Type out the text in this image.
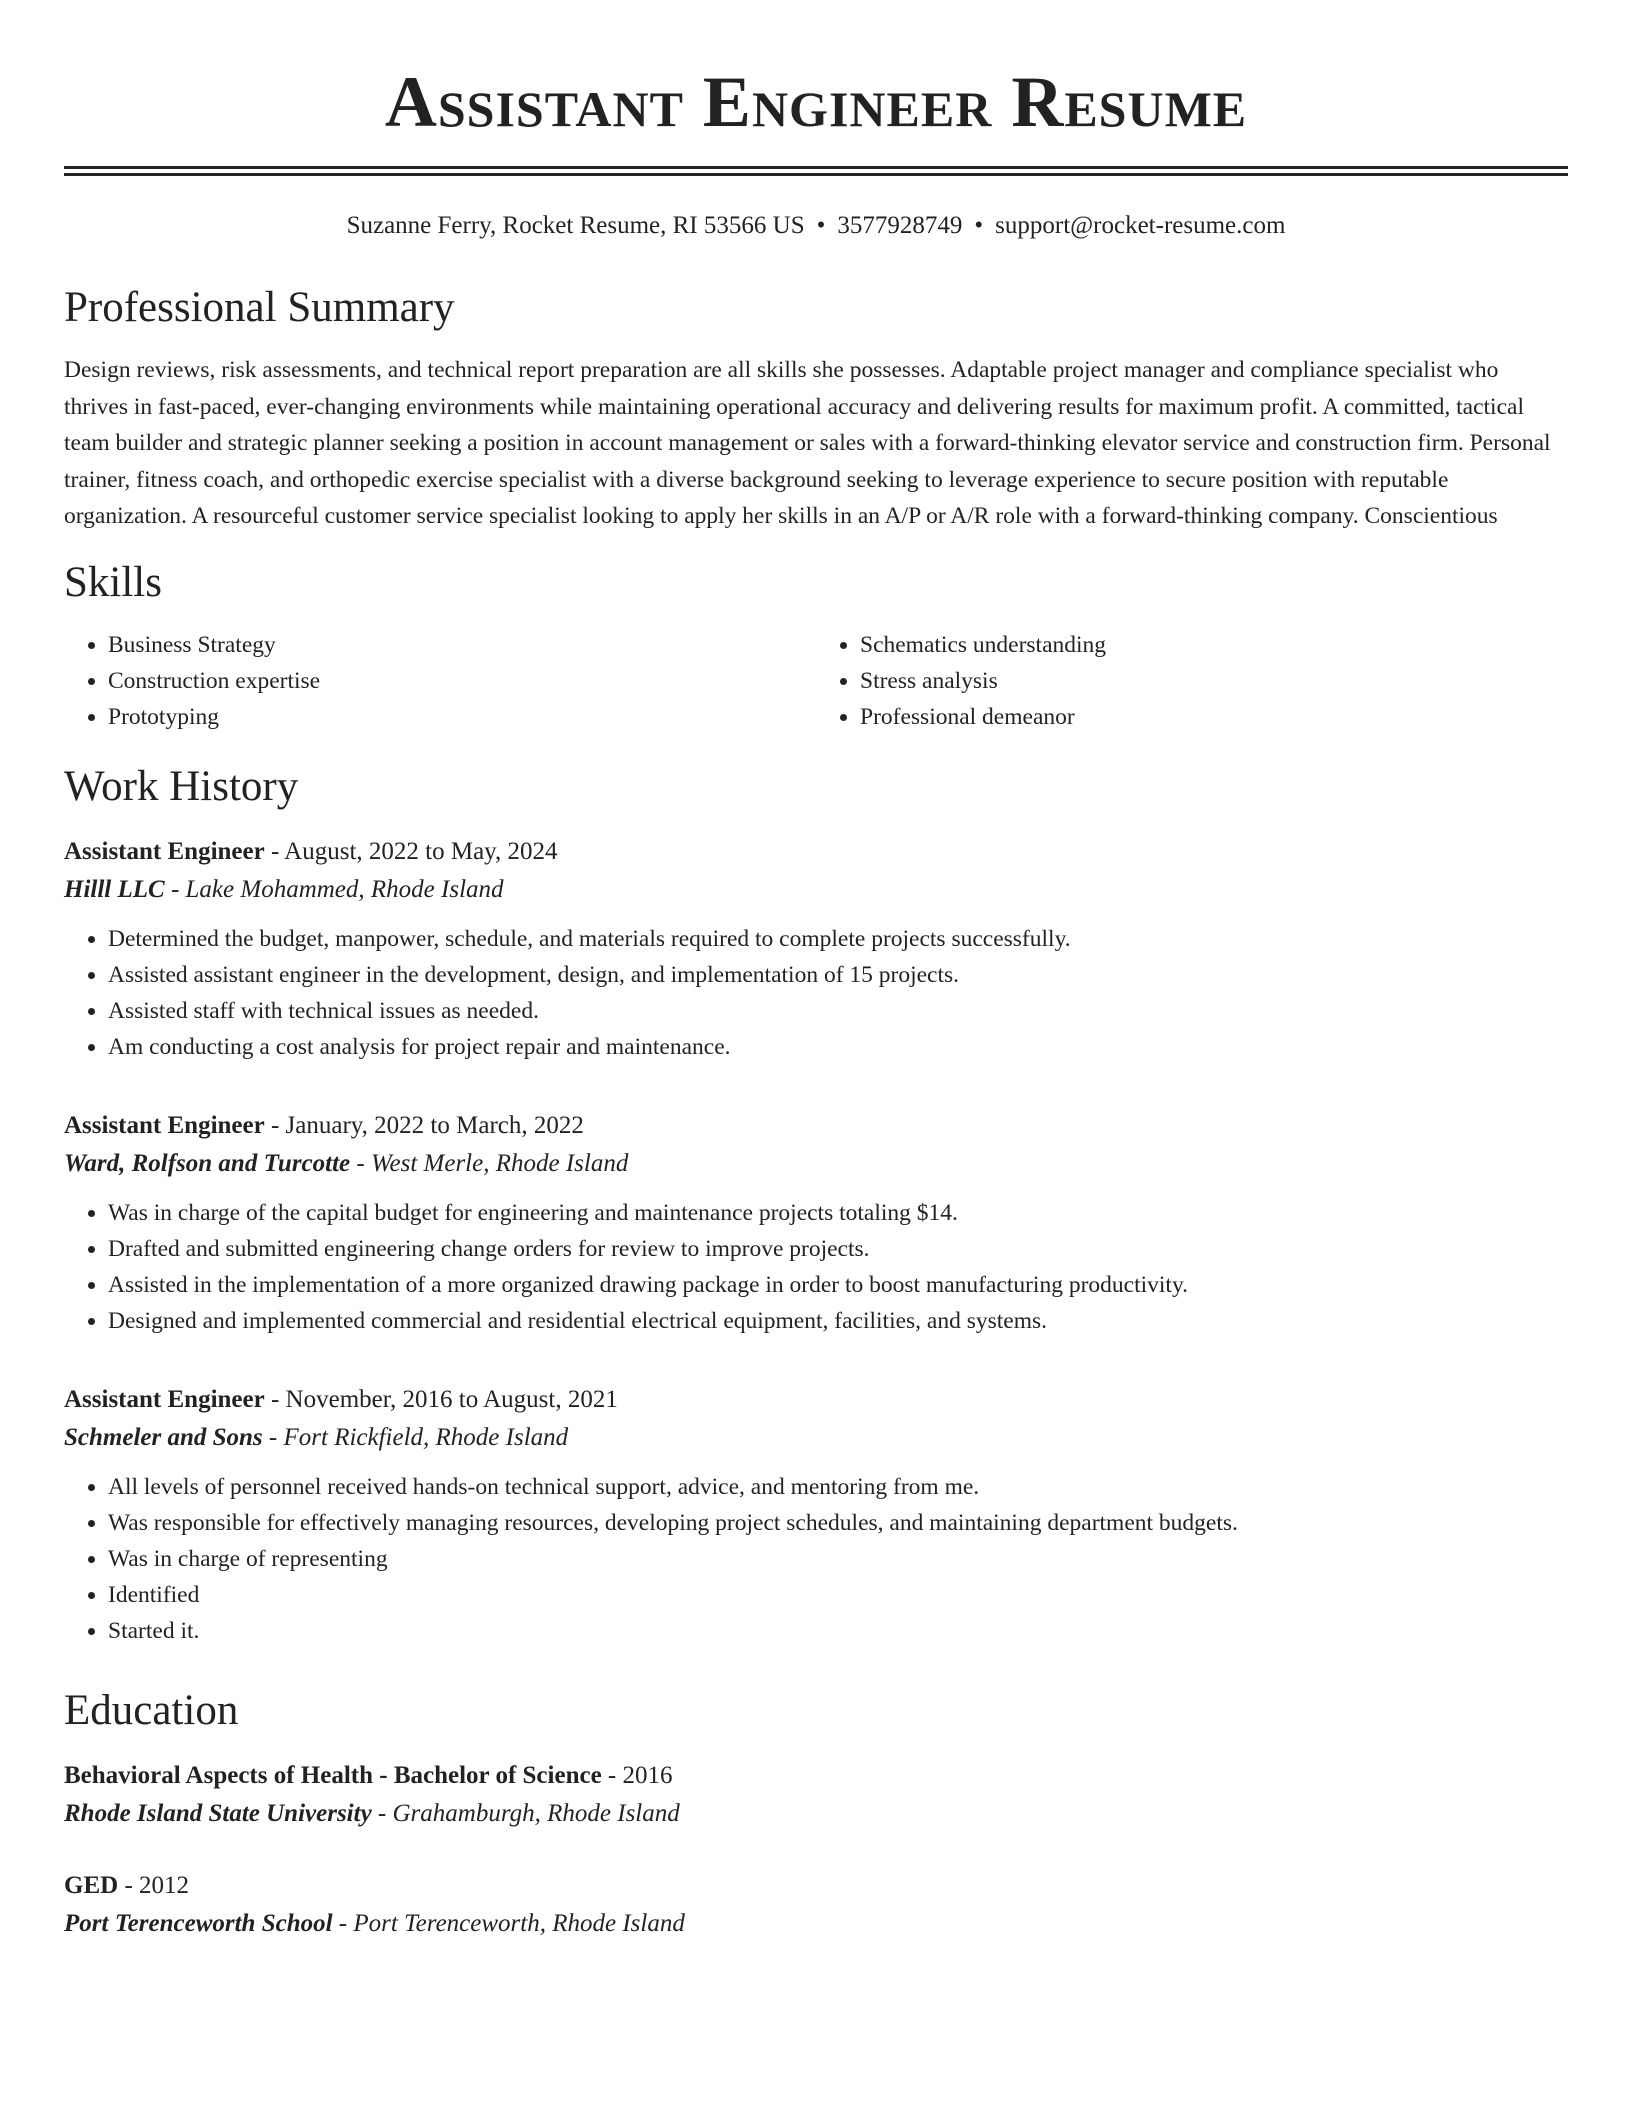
Assistant Engineer Resume
Suzanne Ferry, Rocket Resume, RI 53566 US • 3577928749 • support@rocket-resume.com
Professional Summary
Design reviews, risk assessments, and technical report preparation are all skills she possesses. Adaptable project manager and compliance specialist who thrives in fast-paced, ever-changing environments while maintaining operational accuracy and delivering results for maximum profit. A committed, tactical team builder and strategic planner seeking a position in account management or sales with a forward-thinking elevator service and construction firm. Personal trainer, fitness coach, and orthopedic exercise specialist with a diverse background seeking to leverage experience to secure position with reputable organization. A resourceful customer service specialist looking to apply her skills in an A/P or A/R role with a forward-thinking company. Conscientious
Skills
• Business Strategy
• Construction expertise
• Prototyping
• Schematics understanding
• Stress analysis
• Professional demeanor
Work History
Assistant Engineer - August, 2022 to May, 2024
Hilll LLC - Lake Mohammed, Rhode Island
• Determined the budget, manpower, schedule, and materials required to complete projects successfully.
• Assisted assistant engineer in the development, design, and implementation of 15 projects.
• Assisted staff with technical issues as needed.
• Am conducting a cost analysis for project repair and maintenance.
Assistant Engineer - January, 2022 to March, 2022
Ward, Rolfson and Turcotte - West Merle, Rhode Island
• Was in charge of the capital budget for engineering and maintenance projects totaling $14.
• Drafted and submitted engineering change orders for review to improve projects.
• Assisted in the implementation of a more organized drawing package in order to boost manufacturing productivity.
• Designed and implemented commercial and residential electrical equipment, facilities, and systems.
Assistant Engineer - November, 2016 to August, 2021
Schmeler and Sons - Fort Rickfield, Rhode Island
• All levels of personnel received hands-on technical support, advice, and mentoring from me.
• Was responsible for effectively managing resources, developing project schedules, and maintaining department budgets.
• Was in charge of representing
• Identified
• Started it.
Education
Behavioral Aspects of Health - Bachelor of Science - 2016
Rhode Island State University - Grahamburgh, Rhode Island
GED - 2012
Port Terenceworth School - Port Terenceworth, Rhode Island
